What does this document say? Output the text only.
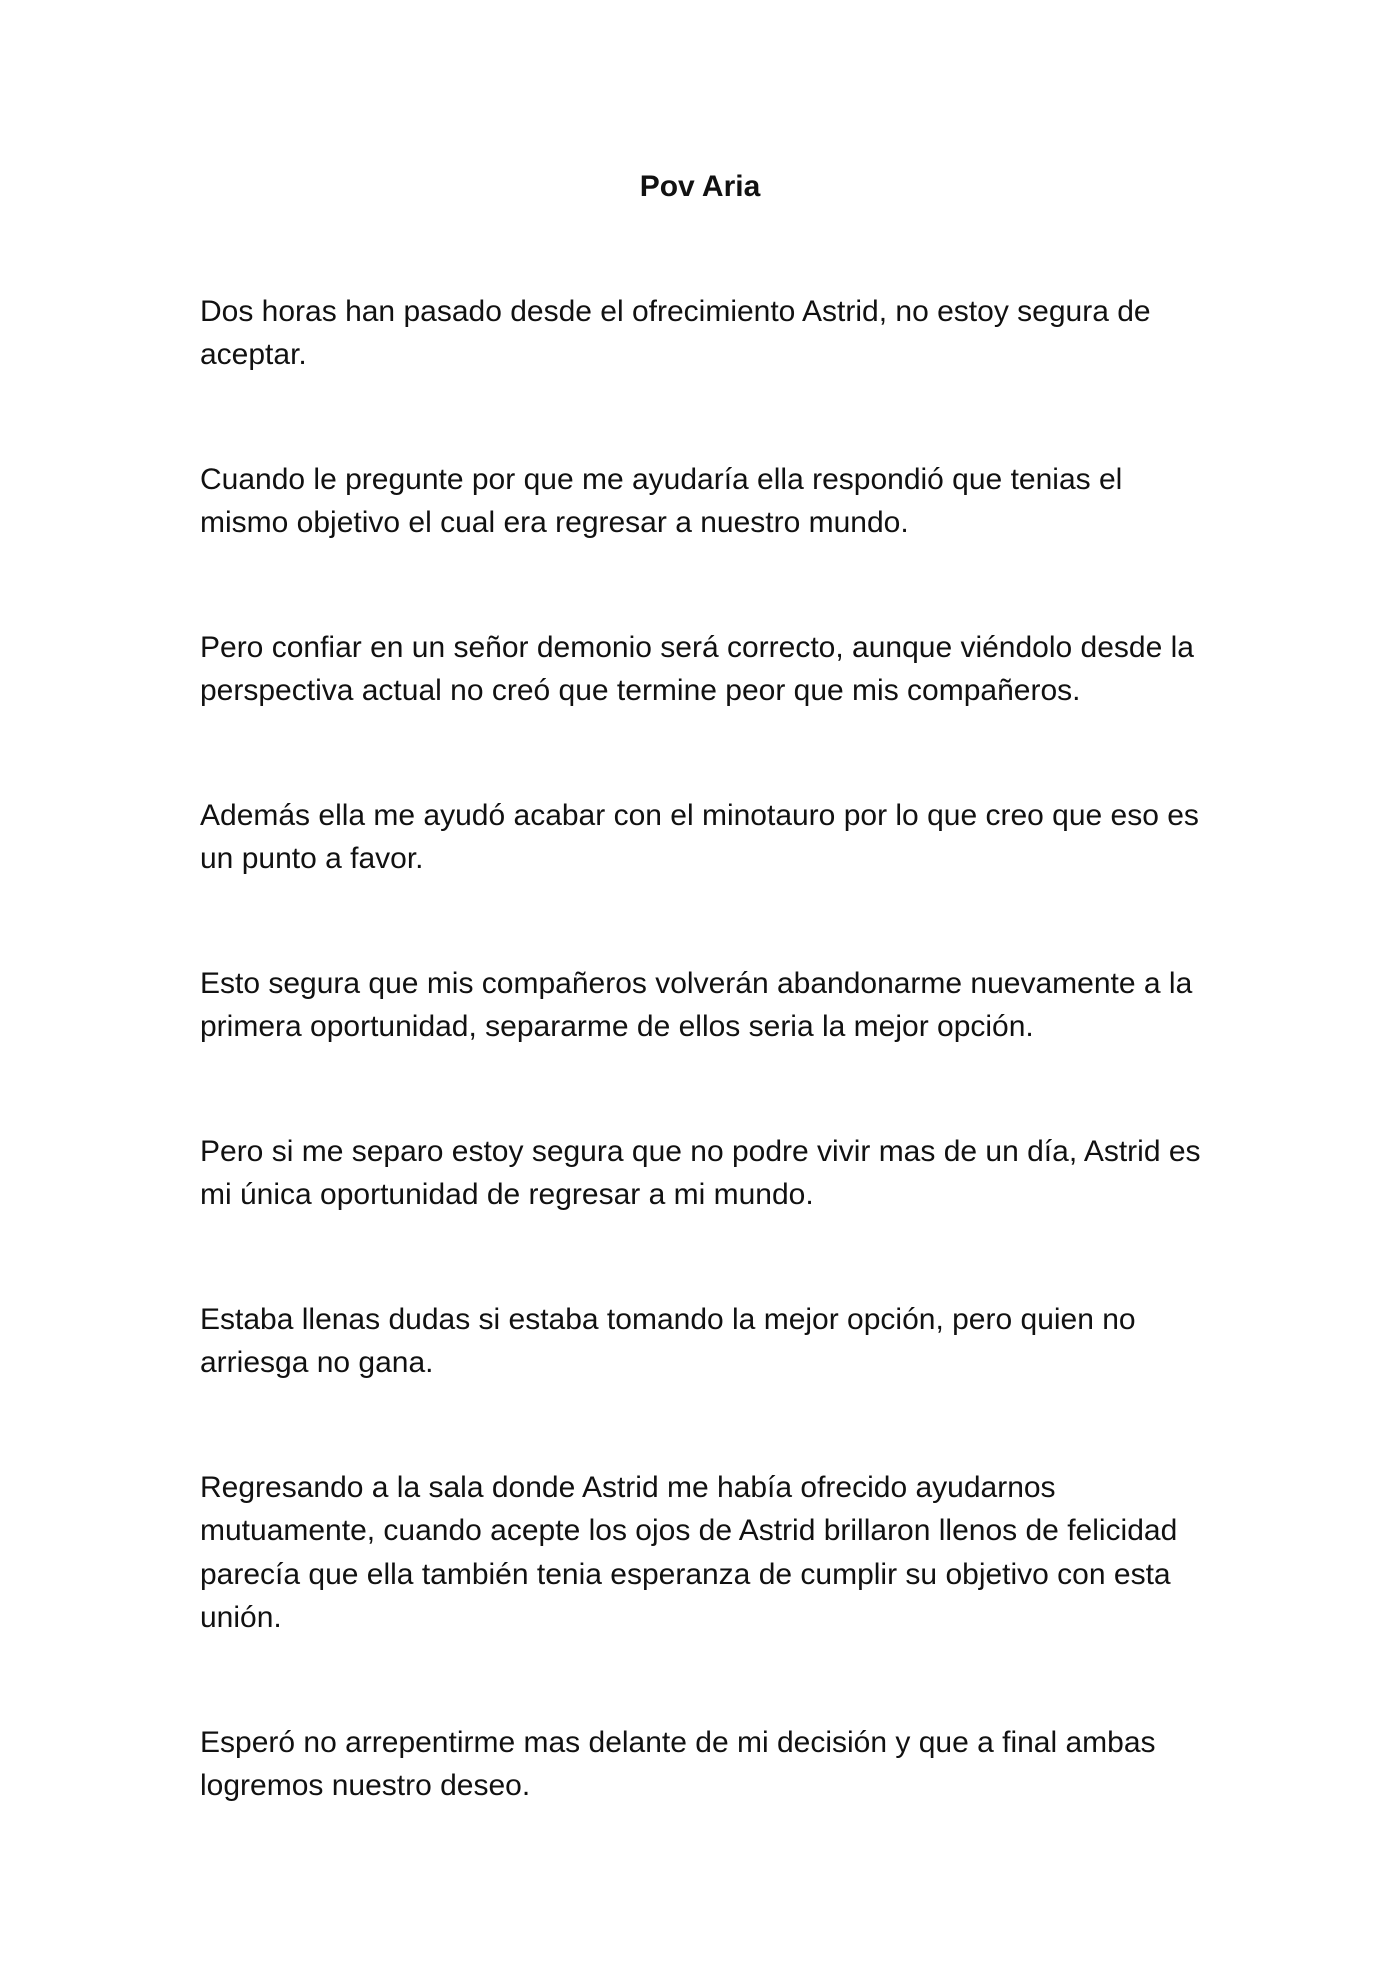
Pov Aria
Dos horas han pasado desde el ofrecimiento Astrid, no estoy segura de
aceptar.
Cuando le pregunte por que me ayudaría ella respondió que tenias el
mismo objetivo el cual era regresar a nuestro mundo.
Pero confiar en un señor demonio será correcto, aunque viéndolo desde la
perspectiva actual no creó que termine peor que mis compañeros.
Además ella me ayudó acabar con el minotauro por lo que creo que eso es
un punto a favor.
Esto segura que mis compañeros volverán abandonarme nuevamente a la
primera oportunidad, separarme de ellos seria la mejor opción.
Pero si me separo estoy segura que no podre vivir mas de un día, Astrid es
mi única oportunidad de regresar a mi mundo.
Estaba llenas dudas si estaba tomando la mejor opción, pero quien no
arriesga no gana.
Regresando a la sala donde Astrid me había ofrecido ayudarnos
mutuamente, cuando acepte los ojos de Astrid brillaron llenos de felicidad
parecía que ella también tenia esperanza de cumplir su objetivo con esta
unión.
Esperó no arrepentirme mas delante de mi decisión y que a final ambas
logremos nuestro deseo.
